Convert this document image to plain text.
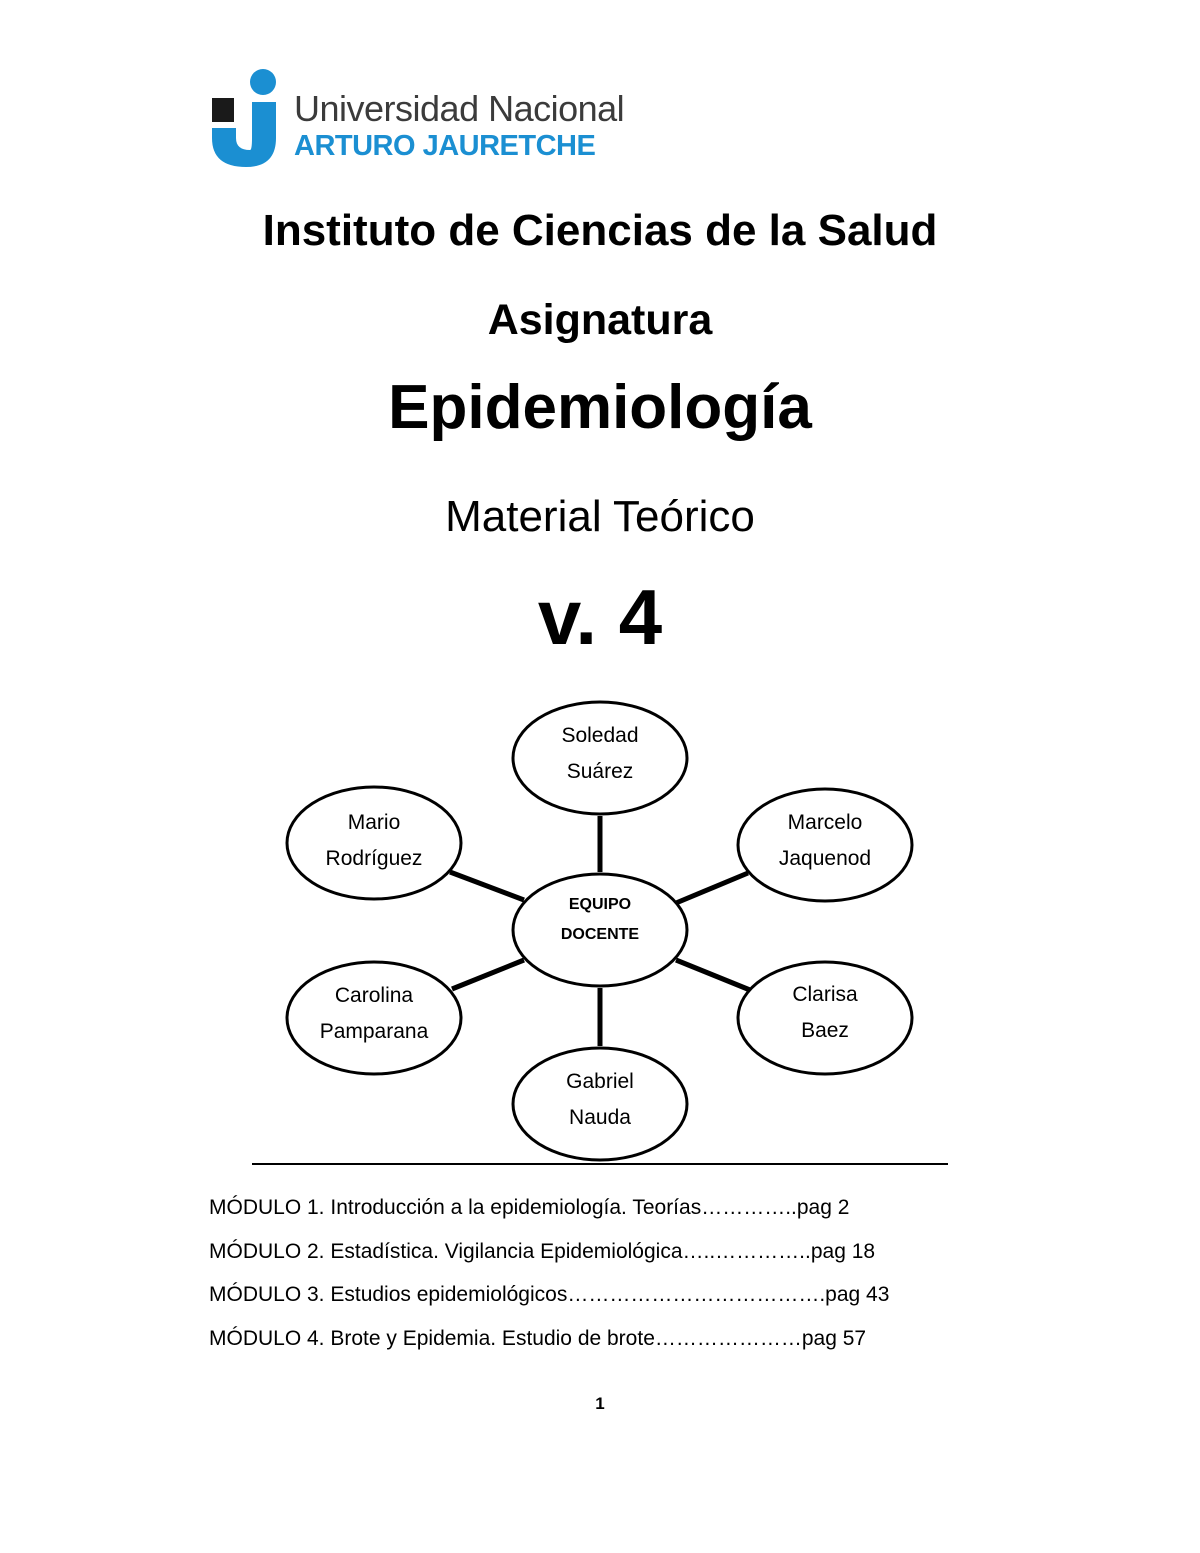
Universidad Nacional
ARTURO JAURETCHE
Instituto de Ciencias de la Salud
Asignatura
Epidemiología
Material Teórico
v. 4
EQUIPO
DOCENTE
Soledad
Suárez
Marcelo
Jaquenod
Clarisa
Baez
Gabriel
Nauda
Carolina
Pamparana
Mario
Rodríguez
MÓDULO 1. Introducción a la epidemiología. Teorías…………..pag 2
MÓDULO 2. Estadística. Vigilancia Epidemiológica…..…………..pag 18
MÓDULO 3. Estudios epidemiológicos……………………………….pag 43
MÓDULO 4. Brote y Epidemia. Estudio de brote…………………pag 57
1
